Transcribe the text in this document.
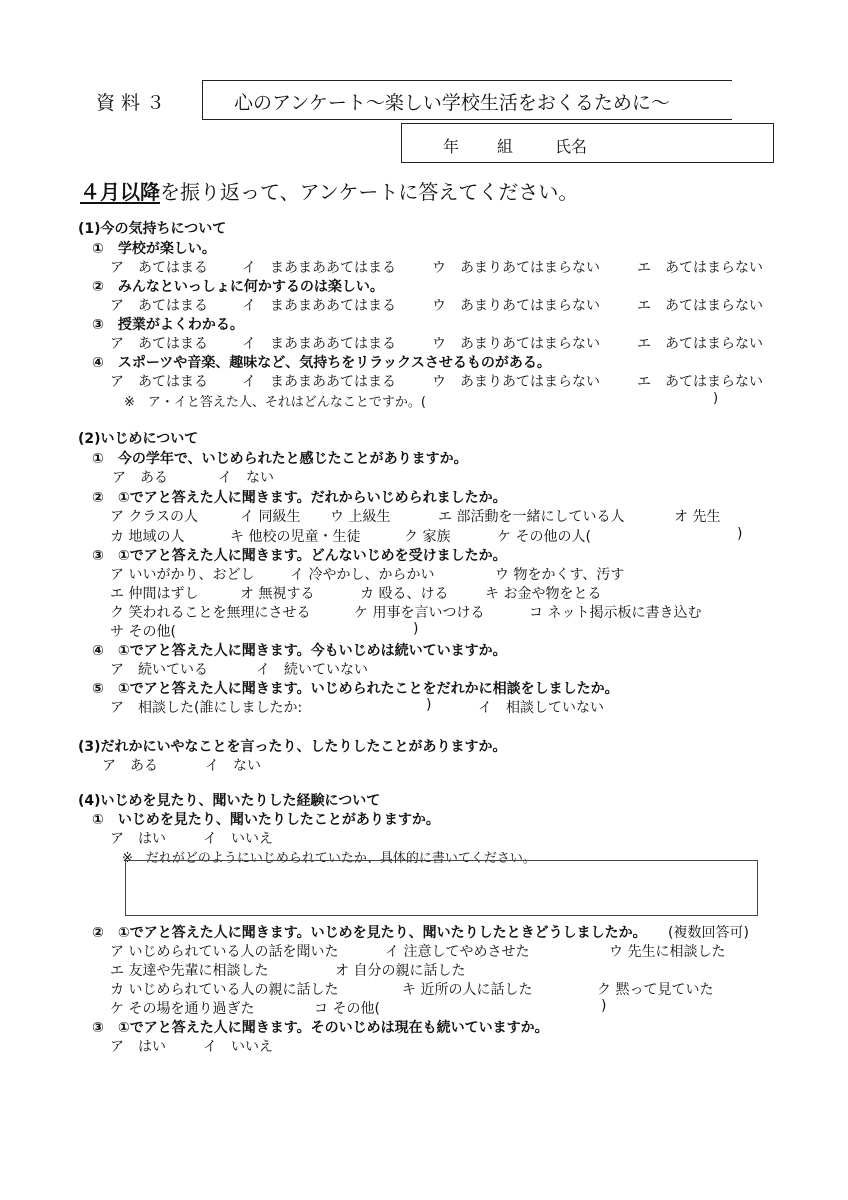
資料３	心のアンケート～楽しい学校生活をおくるために～
年 組	氏名
４月以降を振り返って、アンケートに答えてください。
(1)今の気持ちについて
①　学校が楽しい。
ア　あてはまる イ　まあまああてはまる	ウ　あまりあてはまらない	エ　あてはまらない
②　みんなといっしょに何かするのは楽しい。
ア　あてはまる イ　まあまああてはまる	ウ　あまりあてはまらない	エ　あてはまらない
③　授業がよくわかる。
ア　あてはまる イ　まあまああてはまる	ウ　あまりあてはまらない	エ　あてはまらない
④　スポーツや音楽、趣味など、気持ちをリラックスさせるものがある。
ア　あてはまる イ　まあまああてはまる	ウ　あまりあてはまらない	エ　あてはまらない
※　ア・イと答えた人、それはどんなことですか。(	)
(2)いじめについて
①　今の学年で、いじめられたと感じたことがありますか。
ア　ある	イ　ない
②　①でアと答えた人に聞きます。だれからいじめられましたか。
ア クラスの人	イ 同級生 ウ 上級生	エ 部活動を一緒にしている人	オ 先生
カ 地域の人	キ 他校の児童・生徒	ク 家族	ケ その他の人(	)
③　①でアと答えた人に聞きます。どんないじめを受けましたか。
ア いいがかり、おどし	イ 冷やかし、からかい	ウ 物をかくす、汚す
エ 仲間はずし	オ 無視する	カ 殴る、ける	キ お金や物をとる
ク 笑われることを無理にさせる	ケ 用事を言いつける	コ ネット掲示板に書き込む
サ その他(	)
④　①でアと答えた人に聞きます。今もいじめは続いていますか。
ア　続いている	イ　続いていない
⑤　①でアと答えた人に聞きます。いじめられたことをだれかに相談をしましたか。
ア　相談した(誰にしましたか:	)	イ　相談していない
(3)だれかにいやなことを言ったり、したりしたことがありますか。
ア　ある	イ　ない
(4)いじめを見たり、聞いたりした経験について
①　いじめを見たり、聞いたりしたことがありますか。
ア　はい	イ　いいえ
※　だれがどのようにいじめられていたか、具体的に書いてください。
②　①でアと答えた人に聞きます。いじめを見たり、聞いたりしたときどうしましたか。 (複数回答可)
ア いじめられている人の話を聞いた	イ 注意してやめさせた	ウ 先生に相談した
エ 友達や先輩に相談した	オ 自分の親に話した
カ いじめられている人の親に話した	キ 近所の人に話した	ク 黙って見ていた
ケ その場を通り過ぎた	コ その他(	)
③　①でアと答えた人に聞きます。そのいじめは現在も続いていますか。
ア　はい	イ　いいえ
